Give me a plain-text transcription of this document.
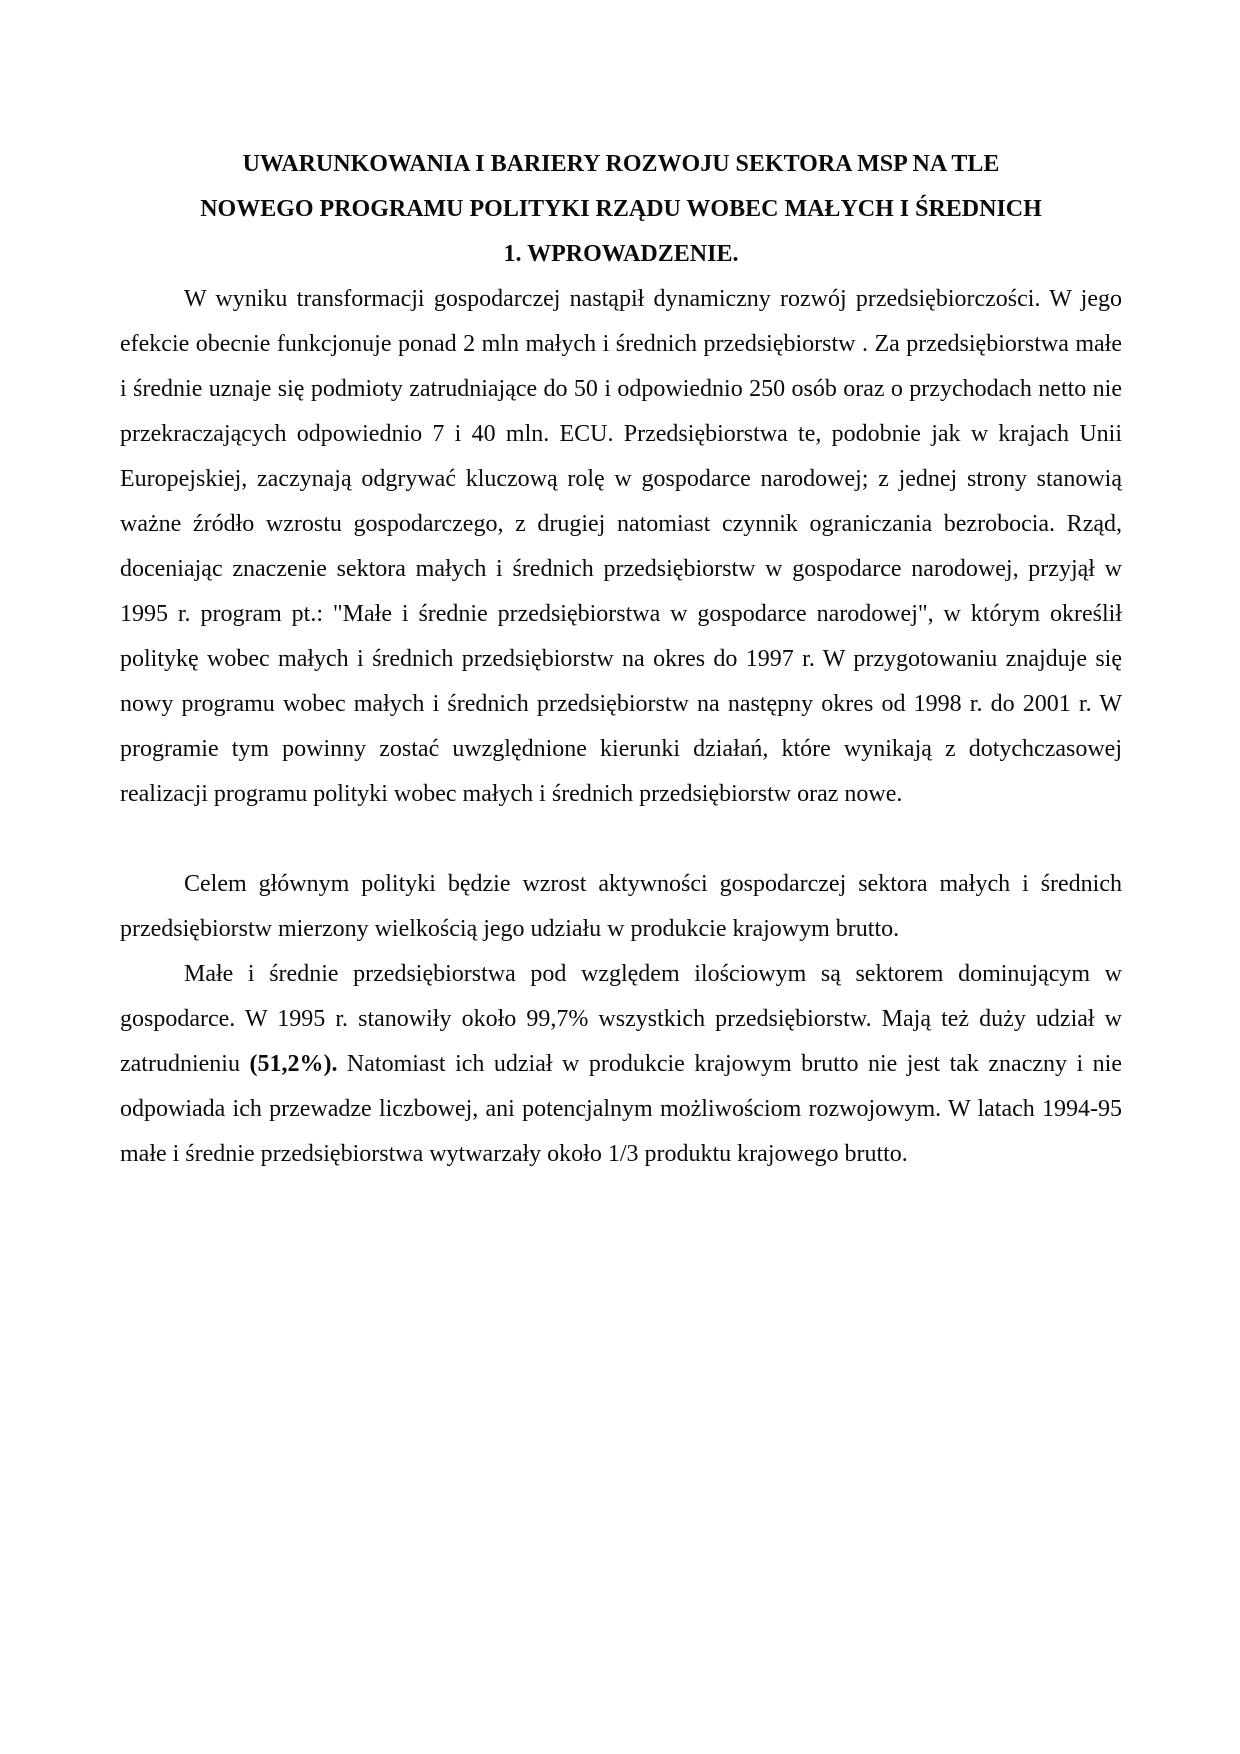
UWARUNKOWANIA I BARIERY ROZWOJU SEKTORA MSP NA TLE
NOWEGO PROGRAMU POLITYKI RZĄDU WOBEC MAŁYCH I ŚREDNICH
1. WPROWADZENIE.

W wyniku transformacji gospodarczej nastąpił dynamiczny rozwój przedsiębiorczości. W jego efekcie obecnie funkcjonuje ponad 2 mln małych i średnich przedsiębiorstw . Za przedsiębiorstwa małe i średnie uznaje się podmioty zatrudniające do 50 i odpowiednio 250 osób oraz o przychodach netto nie przekraczających odpowiednio 7 i 40 mln. ECU. Przedsiębiorstwa te, podobnie jak w krajach Unii Europejskiej, zaczynają odgrywać kluczową rolę w gospodarce narodowej; z jednej strony stanowią ważne źródło wzrostu gospodarczego, z drugiej natomiast czynnik ograniczania bezrobocia. Rząd, doceniając znaczenie sektora małych i średnich przedsiębiorstw w gospodarce narodowej, przyjął w 1995 r. program pt.: "Małe i średnie przedsiębiorstwa w gospodarce narodowej", w którym określił politykę wobec małych i średnich przedsiębiorstw na okres do 1997 r. W przygotowaniu znajduje się nowy programu wobec małych i średnich przedsiębiorstw na następny okres od 1998 r. do 2001 r. W programie tym powinny zostać uwzględnione kierunki działań, które wynikają z dotychczasowej realizacji programu polityki wobec małych i średnich przedsiębiorstw oraz nowe.

Celem głównym polityki będzie wzrost aktywności gospodarczej sektora małych i średnich przedsiębiorstw mierzony wielkością jego udziału w produkcie krajowym brutto.

Małe i średnie przedsiębiorstwa pod względem ilościowym są sektorem dominującym w gospodarce. W 1995 r. stanowiły około 99,7% wszystkich przedsiębiorstw. Mają też duży udział w zatrudnieniu (51,2%). Natomiast ich udział w produkcie krajowym brutto nie jest tak znaczny i nie odpowiada ich przewadze liczbowej, ani potencjalnym możliwościom rozwojowym. W latach 1994-95 małe i średnie przedsiębiorstwa wytwarzały około 1/3 produktu krajowego brutto.
